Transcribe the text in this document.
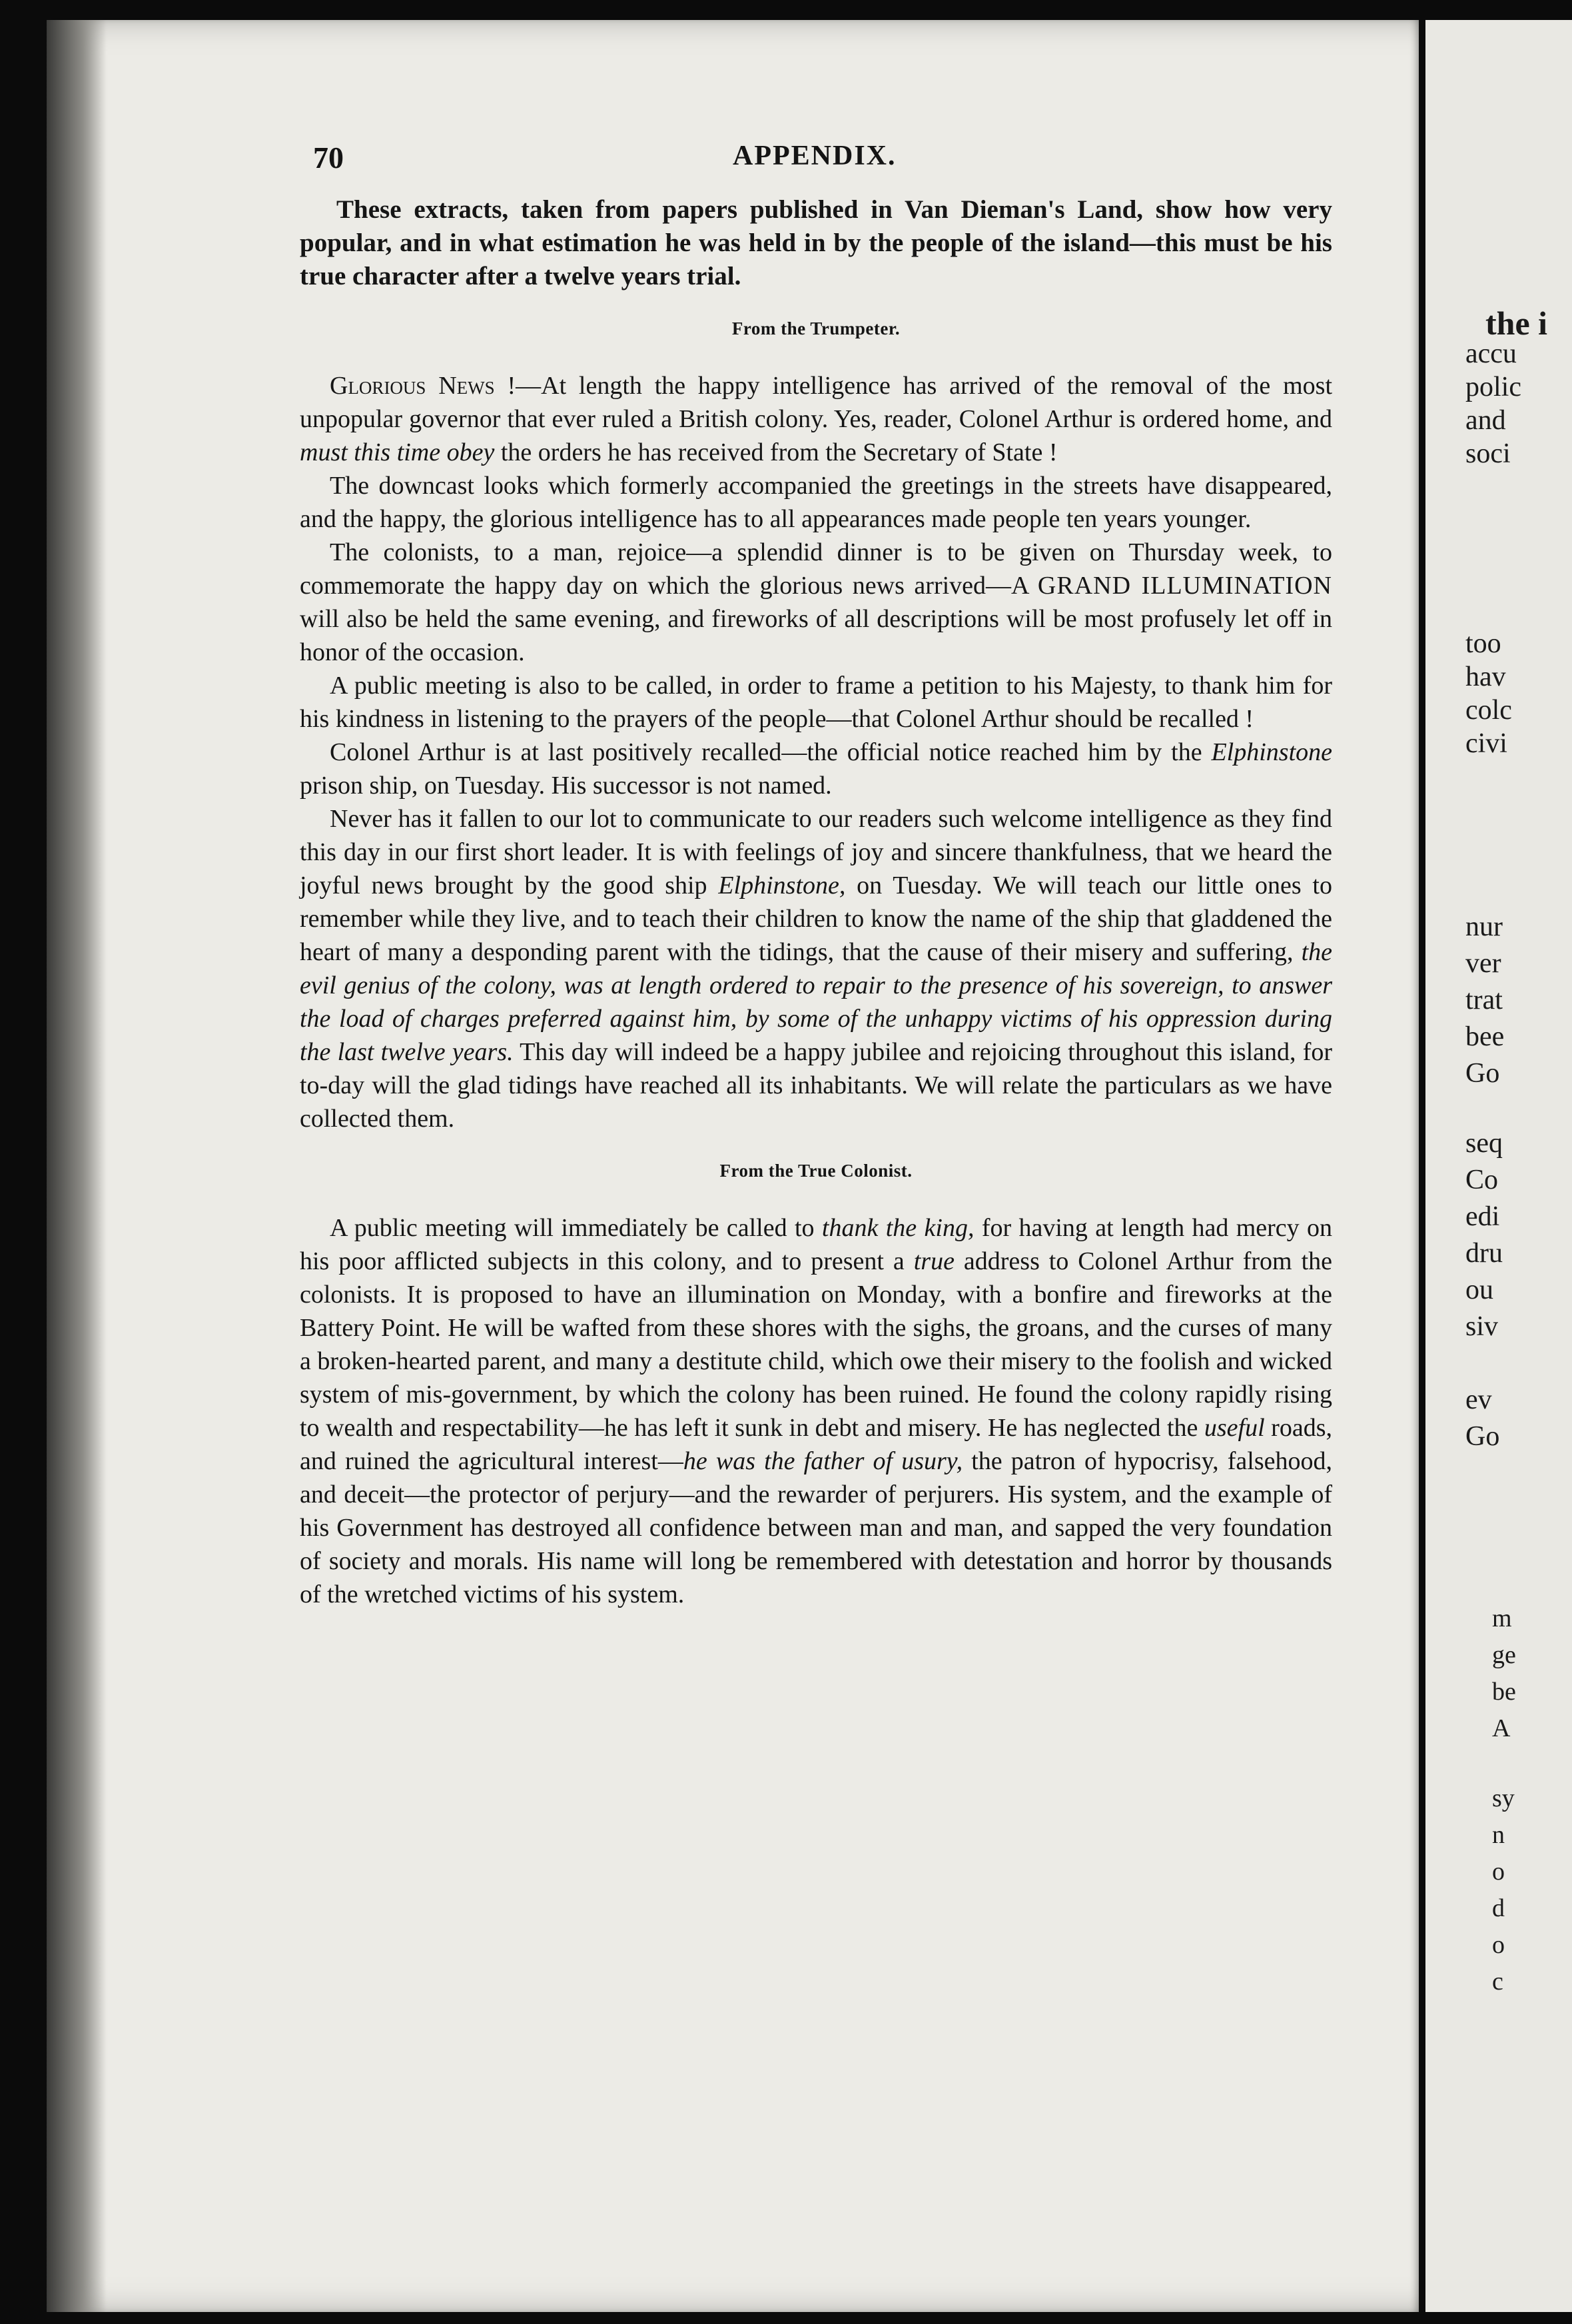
the i
accu
polic
and
soci
too
hav
colc
civi
nur
ver
trat
bee
Go
seq
Co
edi
dru
ou
siv
ev
Go
m
ge
be
A
sy
n
o
d
o
c
70	APPENDIX.

These extracts, taken from papers published in Van Dieman's Land, show how very popular, and in what estimation he was held in by the people of the island—this must be his true character after a twelve years trial.

From the Trumpeter.

Glorious News !—At length the happy intelligence has arrived of the removal of the most unpopular governor that ever ruled a British colony. Yes, reader, Colonel Arthur is ordered home, and must this time obey the orders he has received from the Secretary of State !

The downcast looks which formerly accompanied the greetings in the streets have disappeared, and the happy, the glorious intelligence has to all appearances made people ten years younger.

The colonists, to a man, rejoice—a splendid dinner is to be given on Thursday week, to commemorate the happy day on which the glorious news arrived—A GRAND ILLUMINATION will also be held the same evening, and fireworks of all descriptions will be most profusely let off in honor of the occasion.

A public meeting is also to be called, in order to frame a petition to his Majesty, to thank him for his kindness in listening to the prayers of the people—that Colonel Arthur should be recalled !

Colonel Arthur is at last positively recalled—the official notice reached him by the Elphinstone prison ship, on Tuesday. His successor is not named.

Never has it fallen to our lot to communicate to our readers such welcome intelligence as they find this day in our first short leader. It is with feelings of joy and sincere thankfulness, that we heard the joyful news brought by the good ship Elphinstone, on Tuesday. We will teach our little ones to remember while they live, and to teach their children to know the name of the ship that gladdened the heart of many a desponding parent with the tidings, that the cause of their misery and suffering, the evil genius of the colony, was at length ordered to repair to the presence of his sovereign, to answer the load of charges preferred against him, by some of the unhappy victims of his oppression during the last twelve years. This day will indeed be a happy jubilee and rejoicing throughout this island, for to-day will the glad tidings have reached all its inhabitants. We will relate the particulars as we have collected them.

From the True Colonist.

A public meeting will immediately be called to thank the king, for having at length had mercy on his poor afflicted subjects in this colony, and to present a true address to Colonel Arthur from the colonists. It is proposed to have an illumination on Monday, with a bonfire and fireworks at the Battery Point. He will be wafted from these shores with the sighs, the groans, and the curses of many a broken-hearted parent, and many a destitute child, which owe their misery to the foolish and wicked system of mis-government, by which the colony has been ruined. He found the colony rapidly rising to wealth and respectability—he has left it sunk in debt and misery. He has neglected the useful roads, and ruined the agricultural interest—he was the father of usury, the patron of hypocrisy, falsehood, and deceit—the protector of perjury—and the rewarder of perjurers. His system, and the example of his Government has destroyed all confidence between man and man, and sapped the very foundation of society and morals. His name will long be remembered with detestation and horror by thousands of the wretched victims of his system.
